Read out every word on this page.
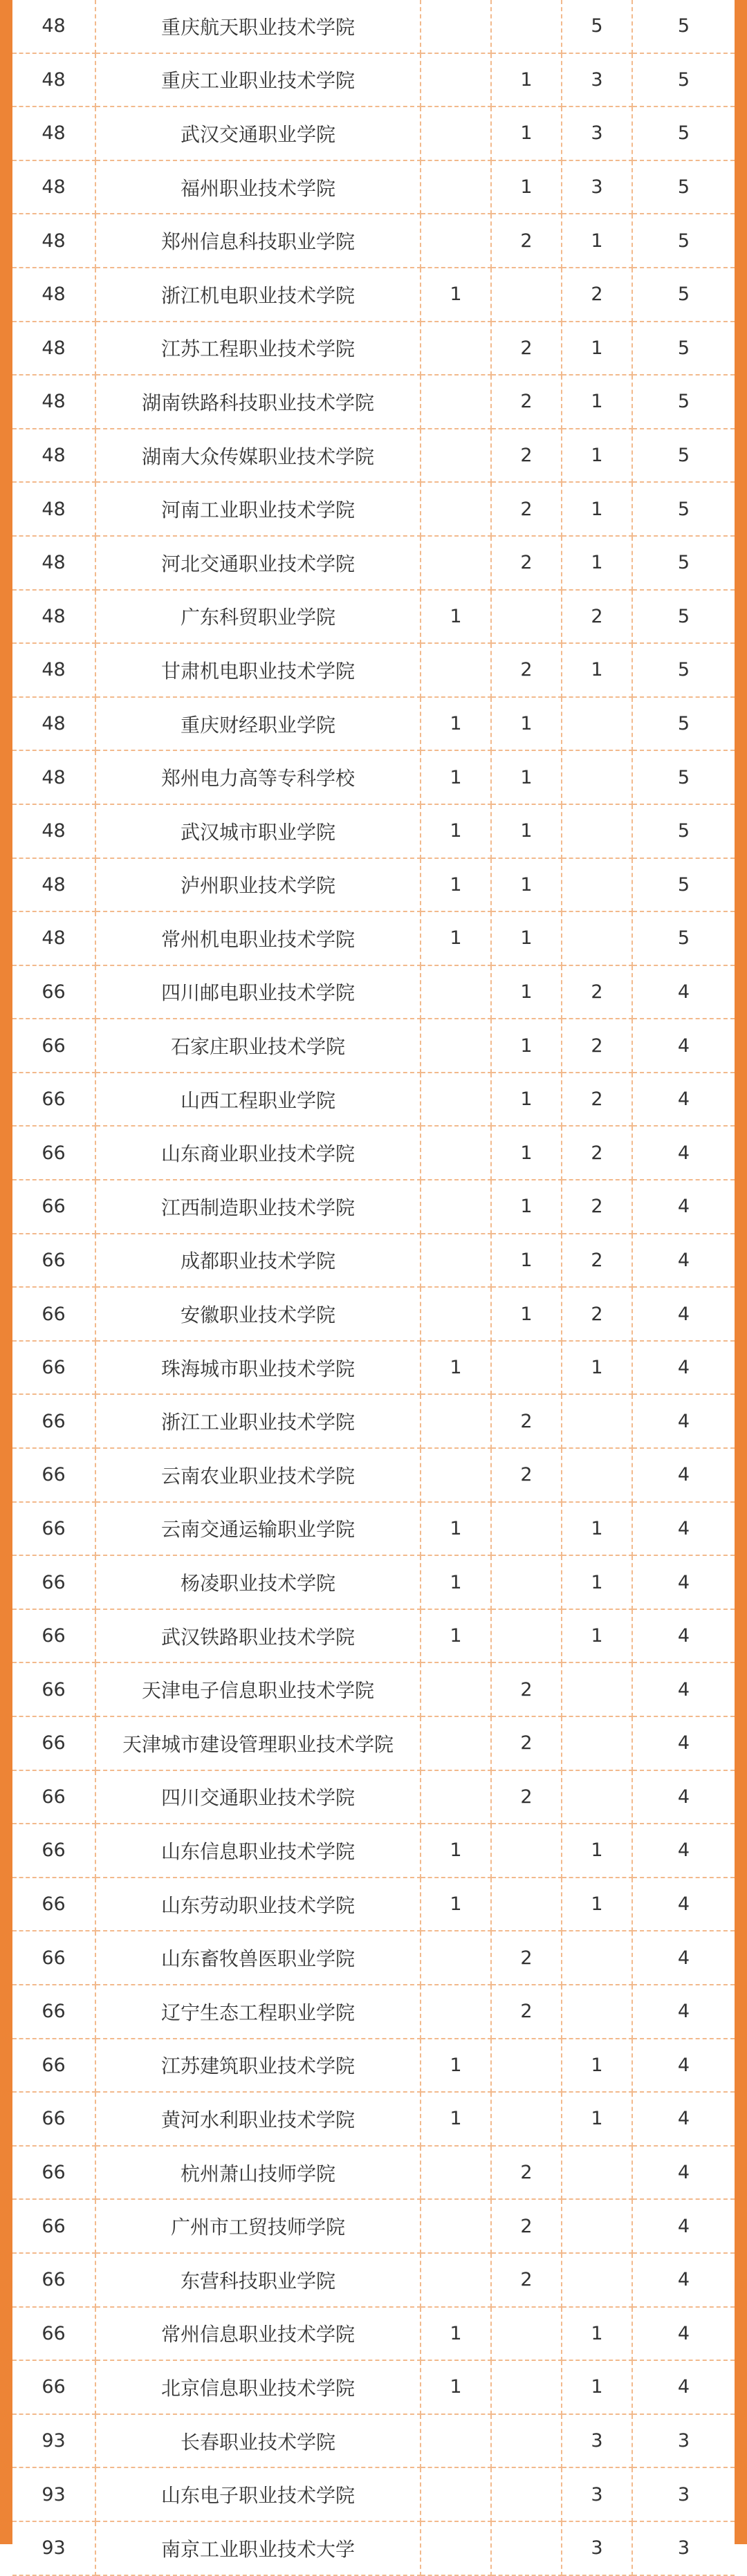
48	重庆航天职业技术学院			5	5
48	重庆工业职业技术学院		1	3	5
48	武汉交通职业学院		1	3	5
48	福州职业技术学院		1	3	5
48	郑州信息科技职业学院		2	1	5
48	浙江机电职业技术学院	1		2	5
48	江苏工程职业技术学院		2	1	5
48	湖南铁路科技职业技术学院		2	1	5
48	湖南大众传媒职业技术学院		2	1	5
48	河南工业职业技术学院		2	1	5
48	河北交通职业技术学院		2	1	5
48	广东科贸职业学院	1		2	5
48	甘肃机电职业技术学院		2	1	5
48	重庆财经职业学院	1	1		5
48	郑州电力高等专科学校	1	1		5
48	武汉城市职业学院	1	1		5
48	泸州职业技术学院	1	1		5
48	常州机电职业技术学院	1	1		5
66	四川邮电职业技术学院		1	2	4
66	石家庄职业技术学院		1	2	4
66	山西工程职业学院		1	2	4
66	山东商业职业技术学院		1	2	4
66	江西制造职业技术学院		1	2	4
66	成都职业技术学院		1	2	4
66	安徽职业技术学院		1	2	4
66	珠海城市职业技术学院	1		1	4
66	浙江工业职业技术学院		2		4
66	云南农业职业技术学院		2		4
66	云南交通运输职业学院	1		1	4
66	杨凌职业技术学院	1		1	4
66	武汉铁路职业技术学院	1		1	4
66	天津电子信息职业技术学院		2		4
66	天津城市建设管理职业技术学院		2		4
66	四川交通职业技术学院		2		4
66	山东信息职业技术学院	1		1	4
66	山东劳动职业技术学院	1		1	4
66	山东畜牧兽医职业学院		2		4
66	辽宁生态工程职业学院		2		4
66	江苏建筑职业技术学院	1		1	4
66	黄河水利职业技术学院	1		1	4
66	杭州萧山技师学院		2		4
66	广州市工贸技师学院		2		4
66	东营科技职业学院		2		4
66	常州信息职业技术学院	1		1	4
66	北京信息职业技术学院	1		1	4
93	长春职业技术学院			3	3
93	山东电子职业技术学院			3	3
93	南京工业职业技术大学			3	3
